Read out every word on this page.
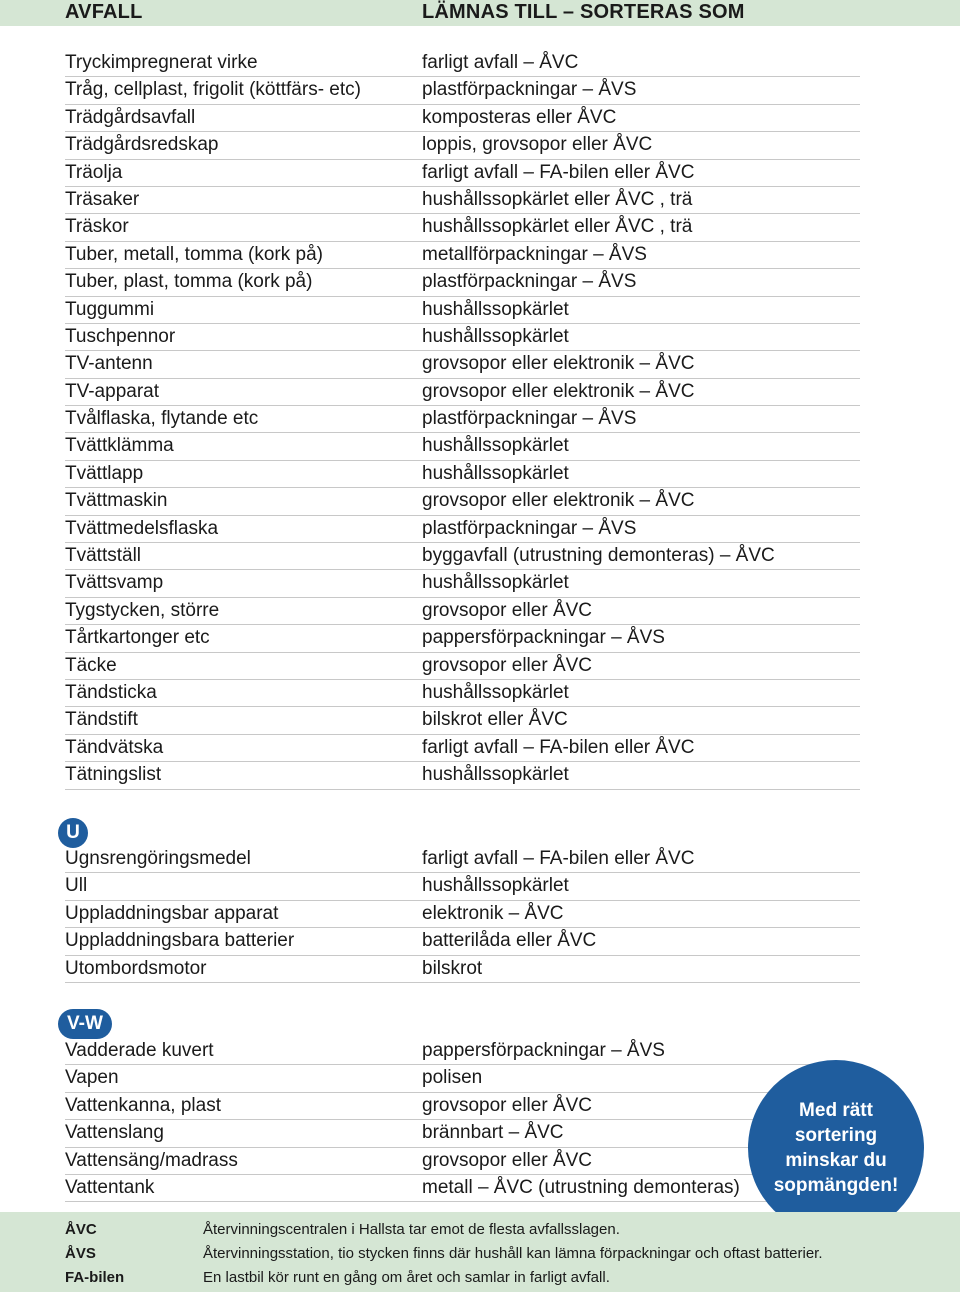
AVFALL	LÄMNAS TILL – SORTERAS SOM
Tryckimpregnerat virke	farligt avfall – ÅVC
Tråg, cellplast, frigolit (köttfärs- etc)	plastförpackningar – ÅVS
Trädgårdsavfall	komposteras eller ÅVC
Trädgårdsredskap	loppis, grovsopor eller ÅVC
Träolja	farligt avfall – FA-bilen eller ÅVC
Träsaker	hushållssopkärlet eller ÅVC , trä
Träskor	hushållssopkärlet eller ÅVC , trä
Tuber, metall, tomma (kork på)	metallförpackningar – ÅVS
Tuber, plast, tomma (kork på)	plastförpackningar – ÅVS
Tuggummi	hushållssopkärlet
Tuschpennor	hushållssopkärlet
TV-antenn	grovsopor eller elektronik – ÅVC
TV-apparat	grovsopor eller elektronik – ÅVC
Tvålflaska, flytande etc	plastförpackningar – ÅVS
Tvättklämma	hushållssopkärlet
Tvättlapp	hushållssopkärlet
Tvättmaskin	grovsopor eller elektronik – ÅVC
Tvättmedelsflaska	plastförpackningar – ÅVS
Tvättställ	byggavfall (utrustning demonteras) – ÅVC
Tvättsvamp	hushållssopkärlet
Tygstycken, större	grovsopor eller ÅVC
Tårtkartonger etc	pappersförpackningar – ÅVS
Täcke	grovsopor eller ÅVC
Tändsticka	hushållssopkärlet
Tändstift	bilskrot eller ÅVC
Tändvätska	farligt avfall – FA-bilen eller ÅVC
Tätningslist	hushållssopkärlet
U
Ugnsrengöringsmedel	farligt avfall – FA-bilen eller ÅVC
Ull	hushållssopkärlet
Uppladdningsbar apparat	elektronik – ÅVC
Uppladdningsbara batterier	batterilåda eller ÅVC
Utombordsmotor	bilskrot
V-W
Vadderade kuvert	pappersförpackningar – ÅVS
Vapen	polisen
Vattenkanna, plast	grovsopor eller ÅVC
Vattenslang	brännbart – ÅVC
Vattensäng/madrass	grovsopor eller ÅVC
Vattentank	metall – ÅVC (utrustning demonteras)
Med rätt sortering minskar du sopmängden!
ÅVC	Återvinningscentralen i Hallsta tar emot de flesta avfallsslagen.
ÅVS	Återvinningsstation, tio stycken finns där hushåll kan lämna förpackningar och oftast batterier.
FA-bilen	En lastbil kör runt en gång om året och samlar in farligt avfall.
